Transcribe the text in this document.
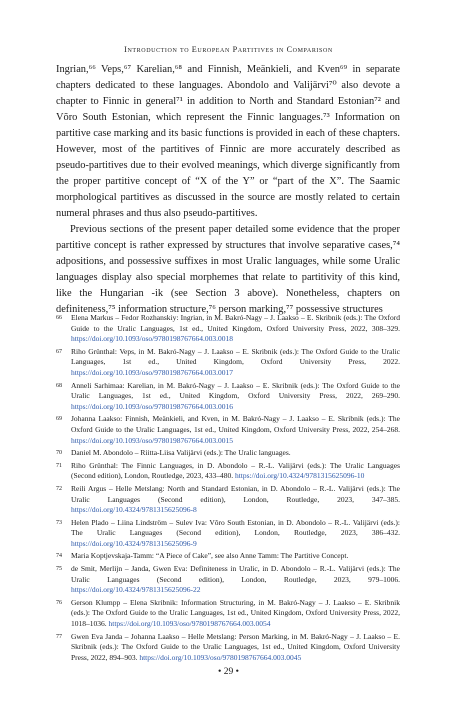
Introduction to European Partitives in Comparison

Ingrian,⁶⁶ Veps,⁶⁷ Karelian,⁶⁸ and Finnish, Meänkieli, and Kven⁶⁹ in separate chapters dedicated to these languages. Abondolo and Valijärvi⁷⁰ also devote a chapter to Finnic in general⁷¹ in addition to North and Standard Estonian⁷² and Võro South Estonian, which represent the Finnic languages.⁷³ Information on partitive case marking and its basic functions is provided in each of these chapters. However, most of the partitives of Finnic are more accurately described as pseudo-partitives due to their evolved meanings, which diverge significantly from the proper partitive concept of “X of the Y” or “part of the X”. The Saamic morphological partitives as discussed in the source are mostly related to certain numeral phrases and thus also pseudo-partitives.

Previous sections of the present paper detailed some evidence that the proper partitive concept is rather expressed by structures that involve separative cases,⁷⁴ adpositions, and possessive suffixes in most Uralic languages, while some Uralic languages display also special morphemes that relate to partitivity of this kind, like the Hungarian -ik (see Section 3 above). Nonetheless, chapters on definiteness,⁷⁵ information structure,⁷⁶ person marking,⁷⁷ possessive structures

66 Elena Markus – Fedor Rozhanskiy: Ingrian, in M. Bakró-Nagy – J. Laakso – E. Skribnik (eds.): The Oxford Guide to the Uralic Languages, 1st ed., United Kingdom, Oxford University Press, 2022, 308–329. https://doi.org/10.1093/oso/9780198767664.003.0018
67 Riho Grünthal: Veps, in M. Bakró-Nagy – J. Laakso – E. Skribnik (eds.): The Oxford Guide to the Uralic Languages, 1st ed., United Kingdom, Oxford University Press, 2022. https://doi.org/10.1093/oso/9780198767664.003.0017
68 Anneli Sarhimaa: Karelian, in M. Bakró-Nagy – J. Laakso – E. Skribnik (eds.): The Oxford Guide to the Uralic Languages, 1st ed., United Kingdom, Oxford University Press, 2022, 269–290. https://doi.org/10.1093/oso/9780198767664.003.0016
69 Johanna Laakso: Finnish, Meänkieli, and Kven, in M. Bakró-Nagy – J. Laakso – E. Skribnik (eds.): The Oxford Guide to the Uralic Languages, 1st ed., United Kingdom, Oxford University Press, 2022, 254–268. https://doi.org/10.1093/oso/9780198767664.003.0015
70 Daniel M. Abondolo – Riitta-Liisa Valijärvi (eds.): The Uralic languages.
71 Riho Grünthal: The Finnic Languages, in D. Abondolo – R.-L. Valijärvi (eds.): The Uralic Languages (Second edition), London, Routledge, 2023, 433–480. https://doi.org/10.4324/9781315625096-10
72 Reili Argus – Helle Metslang: North and Standard Estonian, in D. Abondolo – R.-L. Valijärvi (eds.): The Uralic Languages (Second edition), London, Routledge, 2023, 347–385. https://doi.org/10.4324/9781315625096-8
73 Helen Plado – Liina Lindström – Sulev Iva: Võro South Estonian, in D. Abondolo – R.-L. Valijärvi (eds.): The Uralic Languages (Second edition), London, Routledge, 2023, 386–432. https://doi.org/10.4324/9781315625096-9
74 Maria Koptjevskaja-Tamm: “A Piece of Cake”, see also Anne Tamm: The Partitive Concept.
75 de Smit, Merlijn – Janda, Gwen Eva: Definiteness in Uralic, in D. Abondolo – R.-L. Valijärvi (eds.): The Uralic Languages (Second edition), London, Routledge, 2023, 979–1006. https://doi.org/10.4324/9781315625096-22
76 Gerson Klumpp – Elena Skribnik: Information Structuring, in M. Bakró-Nagy – J. Laakso – E. Skribnik (eds.): The Oxford Guide to the Uralic Languages, 1st ed., United Kingdom, Oxford University Press, 2022, 1018–1036. https://doi.org/10.1093/oso/9780198767664.003.0054
77 Gwen Eva Janda – Johanna Laakso – Helle Metslang: Person Marking, in M. Bakró-Nagy – J. Laakso – E. Skribnik (eds.): The Oxford Guide to the Uralic Languages, 1st ed., United Kingdom, Oxford University Press, 2022, 894–903. https://doi.org/10.1093/oso/9780198767664.003.0045
• 29 •
